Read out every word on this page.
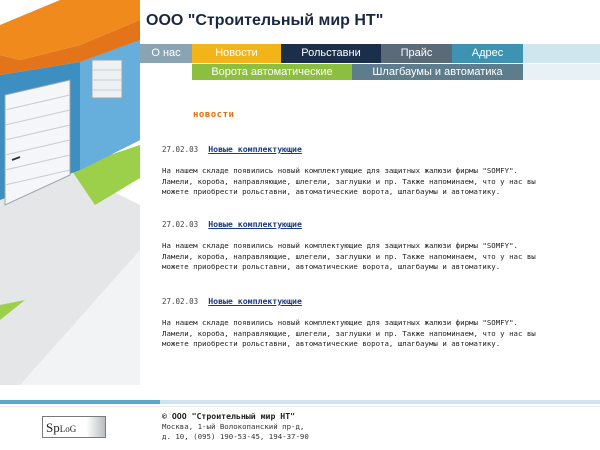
ООО "Строительный мир НТ"
О нас	Новости	Рольставни	Прайс	Адрес
Ворота автоматические	Шлагбаумы и автоматика
новости
27.02.03 Новые комплектующие
На нашем складе появились новый комплектующие для защитных жалюзи фирмы "SOMFY".
Ламели, короба, направляющие, шлегели, заглушки и пр. Также напоминаем, что у нас вы
можете приобрести рольставни, автоматические ворота, шлагбаумы и автоматику.
27.02.03 Новые комплектующие
На нашем складе появились новый комплектующие для защитных жалюзи фирмы "SOMFY".
Ламели, короба, направляющие, шлегели, заглушки и пр. Также напоминаем, что у нас вы
можете приобрести рольставни, автоматические ворота, шлагбаумы и автоматику.
27.02.03 Новые комплектующие
На нашем складе появились новый комплектующие для защитных жалюзи фирмы "SOMFY".
Ламели, короба, направляющие, шлегели, заглушки и пр. Также напоминаем, что у нас вы
можете приобрести рольставни, автоматические ворота, шлагбаумы и автоматику.
SpLoG
© ООО "Строительный мир НТ"
Москва, 1-ый Волокопанский пр-д,
д. 10, (095) 190-53-45, 194-37-90
